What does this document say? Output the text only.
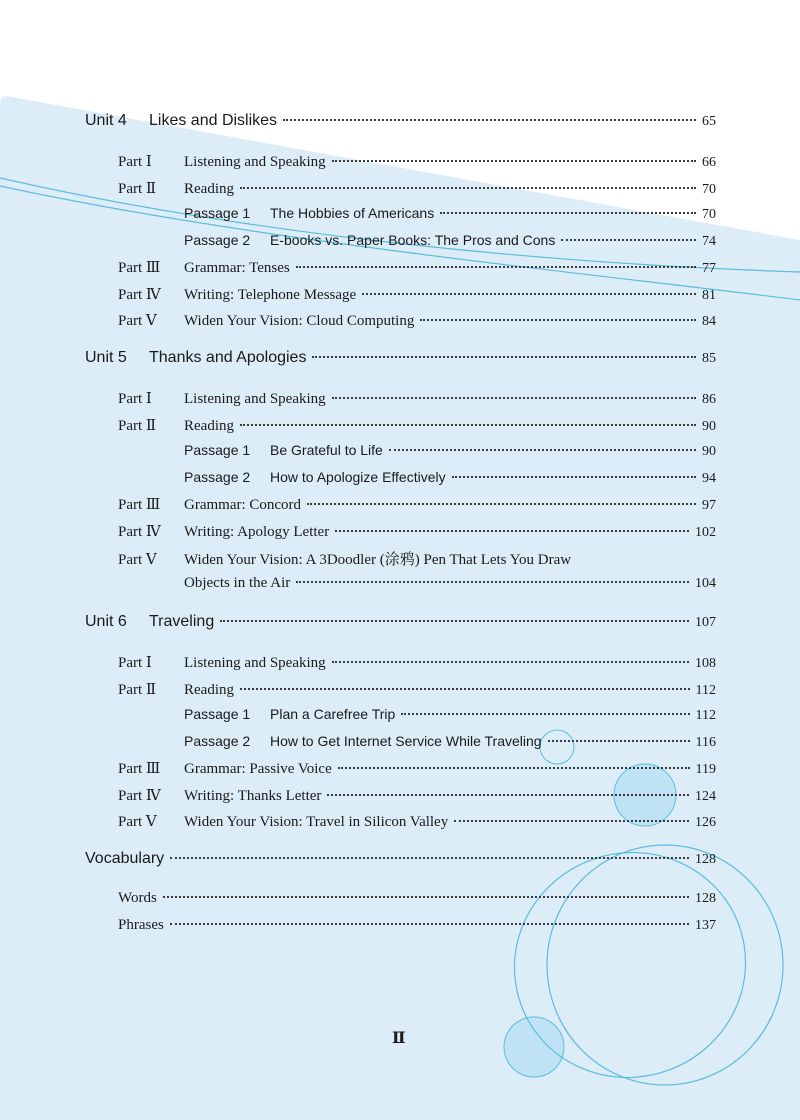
Unit 4	Likes and Dislikes	65
Part Ⅰ	Listening and Speaking	66
Part Ⅱ	Reading	70
Passage 1	The Hobbies of Americans	70
Passage 2	E-books vs. Paper Books: The Pros and Cons	74
Part Ⅲ	Grammar: Tenses	77
Part Ⅳ	Writing: Telephone Message	81
Part Ⅴ	Widen Your Vision: Cloud Computing	84
Unit 5	Thanks and Apologies	85
Part Ⅰ	Listening and Speaking	86
Part Ⅱ	Reading	90
Passage 1	Be Grateful to Life	90
Passage 2	How to Apologize Effectively	94
Part Ⅲ	Grammar: Concord	97
Part Ⅳ	Writing: Apology Letter	102
Part Ⅴ	Widen Your Vision: A 3Doodler (涂鸦) Pen That Lets You Draw
Objects in the Air	104
Unit 6	Traveling	107
Part Ⅰ	Listening and Speaking	108
Part Ⅱ	Reading	112
Passage 1	Plan a Carefree Trip	112
Passage 2	How to Get Internet Service While Traveling	116
Part Ⅲ	Grammar: Passive Voice	119
Part Ⅳ	Writing: Thanks Letter	124
Part Ⅴ	Widen Your Vision: Travel in Silicon Valley	126
Vocabulary	128
Words	128
Phrases	137
Ⅱ
